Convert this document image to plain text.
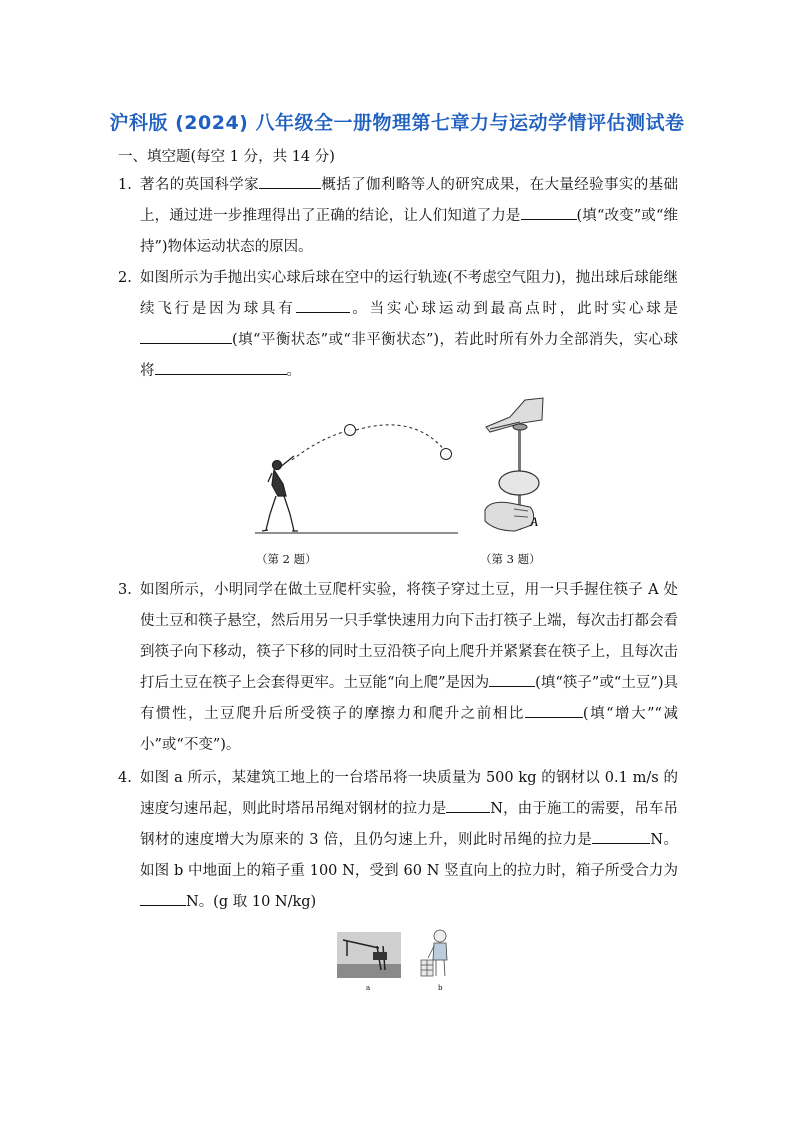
沪科版 (2024) 八年级全一册物理第七章力与运动学情评估测试卷
一、填空题(每空 1 分，共 14 分)
1. 著名的英国科学家	概括了伽利略等人的研究成果，在大量经验事实的基础上，通过进一步推理得出了正确的结论，让人们知道了力是	(填“改变”或“维持”)物体运动状态的原因。
2. 如图所示为手抛出实心球后球在空中的运行轨迹(不考虑空气阻力)，抛出球后球能继续飞行是因为球具有	。当实心球运动到最高点时，此时实心球是(填“平衡状态”或“非平衡状态”)，若此时所有外力全部消失，实心球将	。
（第 2 题）
A
（第 3 题）
3. 如图所示，小明同学在做土豆爬杆实验，将筷子穿过土豆，用一只手握住筷子 A 处使土豆和筷子悬空，然后用另一只手掌快速用力向下击打筷子上端，每次击打都会看到筷子向下移动，筷子下移的同时土豆沿筷子向上爬升并紧紧套在筷子上，且每次击打后土豆在筷子上会套得更牢。土豆能“向上爬”是因为	(填“筷子”或“土豆”)具有惯性，土豆爬升后所受筷子的摩擦力和爬升之前相比	(填“增大”“减小”或“不变”)。
4. 如图 a 所示，某建筑工地上的一台塔吊将一块质量为 500 kg 的钢材以 0.1 m/s 的速度匀速吊起，则此时塔吊吊绳对钢材的拉力是	N，由于施工的需要，吊车吊钢材的速度增大为原来的 3 倍，且仍匀速上升，则此时吊绳的拉力是	N。如图 b 中地面上的箱子重 100 N，受到 60 N 竖直向上的拉力时，箱子所受合力为N。(g 取 10 N/kg)
a	b
